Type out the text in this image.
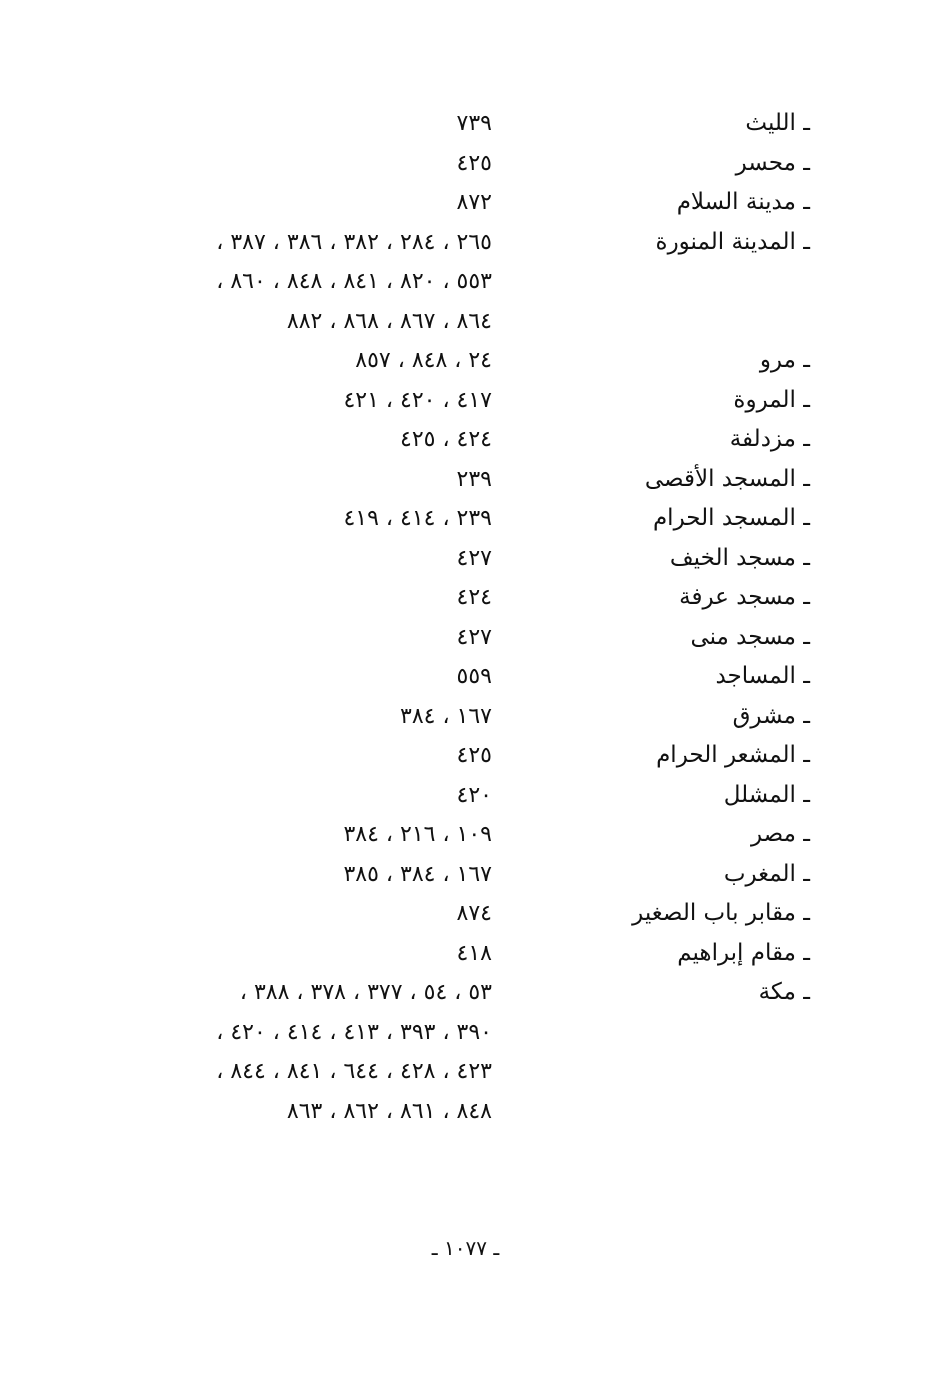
ـ الليث
٧٣٩
ـ محسر
٤٢٥
ـ مدينة السلام
٨٧٢
ـ المدينة المنورة
٢٦٥ ، ٢٨٤ ، ٣٨٢ ، ٣٨٦ ، ٣٨٧ ،
٥٥٣ ، ٨٢٠ ، ٨٤١ ، ٨٤٨ ، ٨٦٠ ،
٨٦٤ ، ٨٦٧ ، ٨٦٨ ، ٨٨٢
ـ مرو
٢٤ ، ٨٤٨ ، ٨٥٧
ـ المروة
٤١٧ ، ٤٢٠ ، ٤٢١
ـ مزدلفة
٤٢٤ ، ٤٢٥
ـ المسجد الأقصى
٢٣٩
ـ المسجد الحرام
٢٣٩ ، ٤١٤ ، ٤١٩
ـ مسجد الخيف
٤٢٧
ـ مسجد عرفة
٤٢٤
ـ مسجد منى
٤٢٧
ـ المساجد
٥٥٩
ـ مشرق
١٦٧ ، ٣٨٤
ـ المشعر الحرام
٤٢٥
ـ المشلل
٤٢٠
ـ مصر
١٠٩ ، ٢١٦ ، ٣٨٤
ـ المغرب
١٦٧ ، ٣٨٤ ، ٣٨٥
ـ مقابر باب الصغير
٨٧٤
ـ مقام إبراهيم
٤١٨
ـ مكة
٥٣ ، ٥٤ ، ٣٧٧ ، ٣٧٨ ، ٣٨٨ ،
٣٩٠ ، ٣٩٣ ، ٤١٣ ، ٤١٤ ، ٤٢٠ ،
٤٢٣ ، ٤٢٨ ، ٦٤٤ ، ٨٤١ ، ٨٤٤ ،
٨٤٨ ، ٨٦١ ، ٨٦٢ ، ٨٦٣
ـ ١٠٧٧ ـ
